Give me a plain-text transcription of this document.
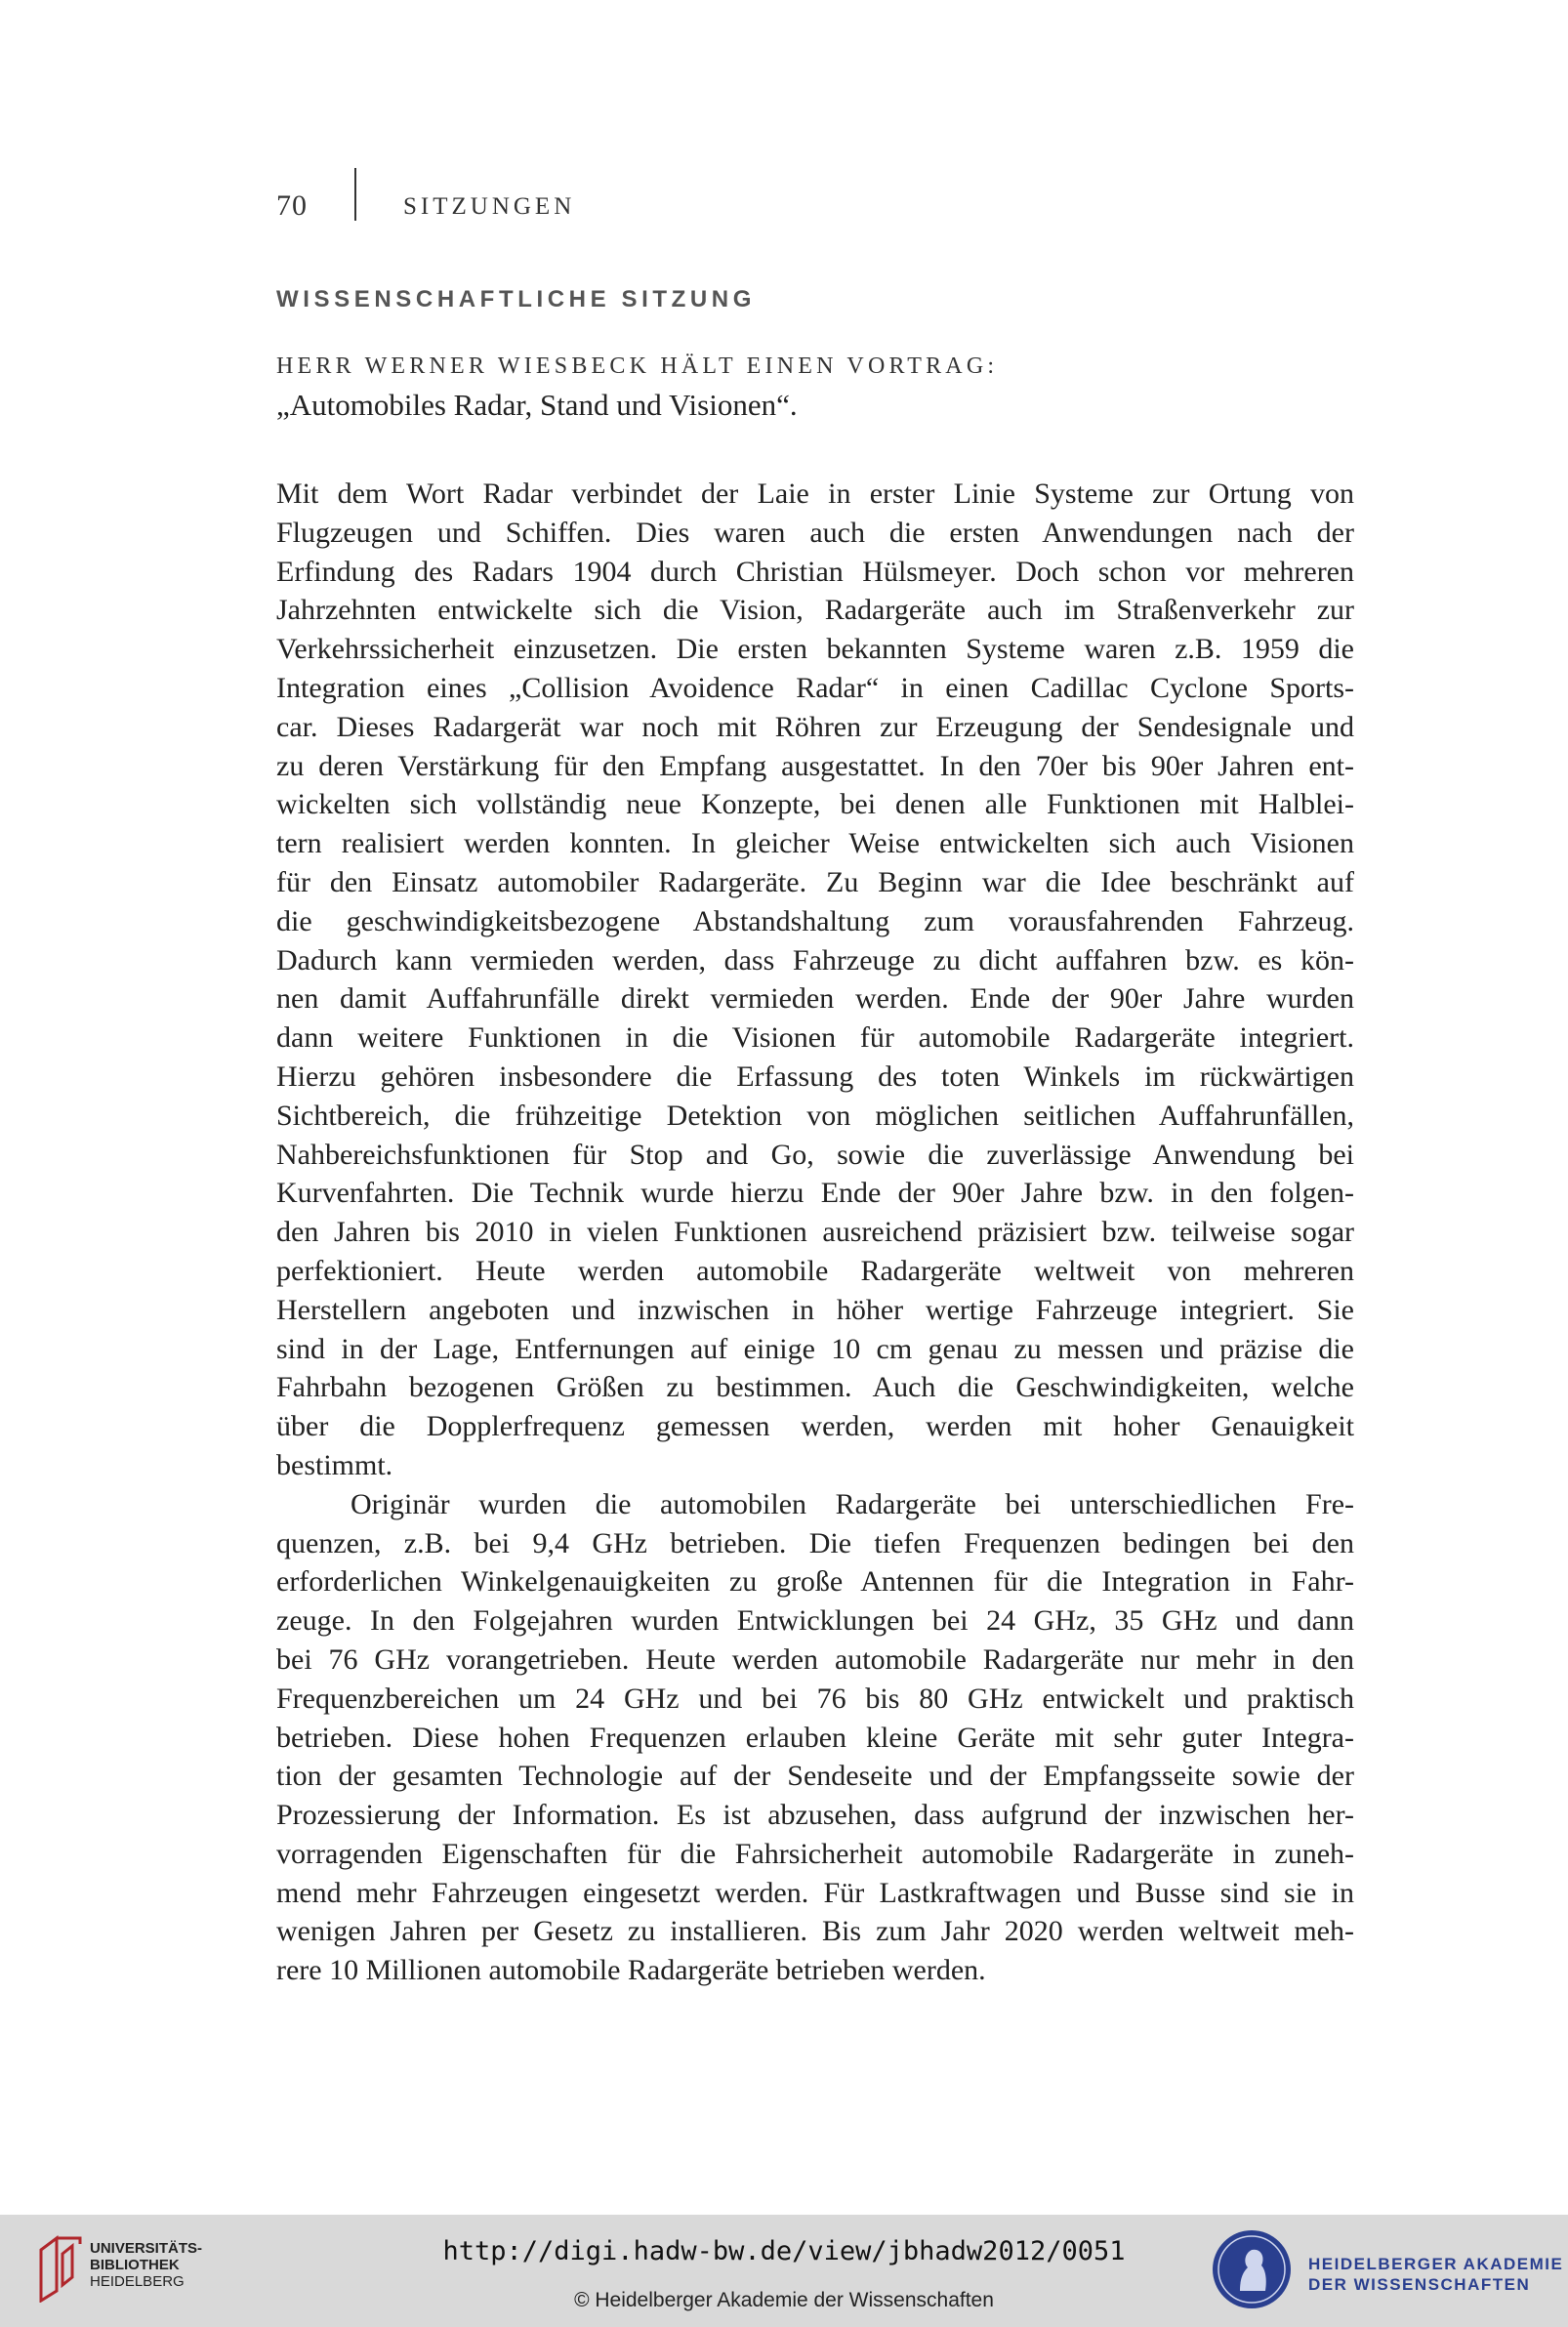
70	SITZUNGEN
WISSENSCHAFTLICHE SITZUNG
HERR WERNER WIESBECK HÄLT EINEN VORTRAG:
„Automobiles Radar, Stand und Visionen“.
Mit dem Wort Radar verbindet der Laie in erster Linie Systeme zur Ortung von
Flugzeugen und Schiffen. Dies waren auch die ersten Anwendungen nach der
Erfindung des Radars 1904 durch Christian Hülsmeyer. Doch schon vor mehreren
Jahrzehnten entwickelte sich die Vision, Radargeräte auch im Straßenverkehr zur
Verkehrssicherheit einzusetzen. Die ersten bekannten Systeme waren z.B. 1959 die
Integration eines „Collision Avoidence Radar“ in einen Cadillac Cyclone Sports-
car. Dieses Radargerät war noch mit Röhren zur Erzeugung der Sendesignale und
zu deren Verstärkung für den Empfang ausgestattet. In den 70er bis 90er Jahren ent-
wickelten sich vollständig neue Konzepte, bei denen alle Funktionen mit Halblei-
tern realisiert werden konnten. In gleicher Weise entwickelten sich auch Visionen
für den Einsatz automobiler Radargeräte. Zu Beginn war die Idee beschränkt auf
die geschwindigkeitsbezogene Abstandshaltung zum vorausfahrenden Fahrzeug.
Dadurch kann vermieden werden, dass Fahrzeuge zu dicht auffahren bzw. es kön-
nen damit Auffahrunfälle direkt vermieden werden. Ende der 90er Jahre wurden
dann weitere Funktionen in die Visionen für automobile Radargeräte integriert.
Hierzu gehören insbesondere die Erfassung des toten Winkels im rückwärtigen
Sichtbereich, die frühzeitige Detektion von möglichen seitlichen Auffahrunfällen,
Nahbereichsfunktionen für Stop and Go, sowie die zuverlässige Anwendung bei
Kurvenfahrten. Die Technik wurde hierzu Ende der 90er Jahre bzw. in den folgen-
den Jahren bis 2010 in vielen Funktionen ausreichend präzisiert bzw. teilweise sogar
perfektioniert. Heute werden automobile Radargeräte weltweit von mehreren
Herstellern angeboten und inzwischen in höher wertige Fahrzeuge integriert. Sie
sind in der Lage, Entfernungen auf einige 10 cm genau zu messen und präzise die
Fahrbahn bezogenen Größen zu bestimmen. Auch die Geschwindigkeiten, welche
über die Dopplerfrequenz gemessen werden, werden mit hoher Genauigkeit
bestimmt.
Originär wurden die automobilen Radargeräte bei unterschiedlichen Fre-
quenzen, z.B. bei 9,4 GHz betrieben. Die tiefen Frequenzen bedingen bei den
erforderlichen Winkelgenauigkeiten zu große Antennen für die Integration in Fahr-
zeuge. In den Folgejahren wurden Entwicklungen bei 24 GHz, 35 GHz und dann
bei 76 GHz vorangetrieben. Heute werden automobile Radargeräte nur mehr in den
Frequenzbereichen um 24 GHz und bei 76 bis 80 GHz entwickelt und praktisch
betrieben. Diese hohen Frequenzen erlauben kleine Geräte mit sehr guter Integra-
tion der gesamten Technologie auf der Sendeseite und der Empfangsseite sowie der
Prozessierung der Information. Es ist abzusehen, dass aufgrund der inzwischen her-
vorragenden Eigenschaften für die Fahrsicherheit automobile Radargeräte in zuneh-
mend mehr Fahrzeugen eingesetzt werden. Für Lastkraftwagen und Busse sind sie in
wenigen Jahren per Gesetz zu installieren. Bis zum Jahr 2020 werden weltweit meh-
rere 10 Millionen automobile Radargeräte betrieben werden.
UNIVERSITÄTS-
BIBLIOTHEK
HEIDELBERG
http://digi.hadw-bw.de/view/jbhadw2012/0051
© Heidelberger Akademie der Wissenschaften
HEIDELBERGER AKADEMIE
DER WISSENSCHAFTEN
